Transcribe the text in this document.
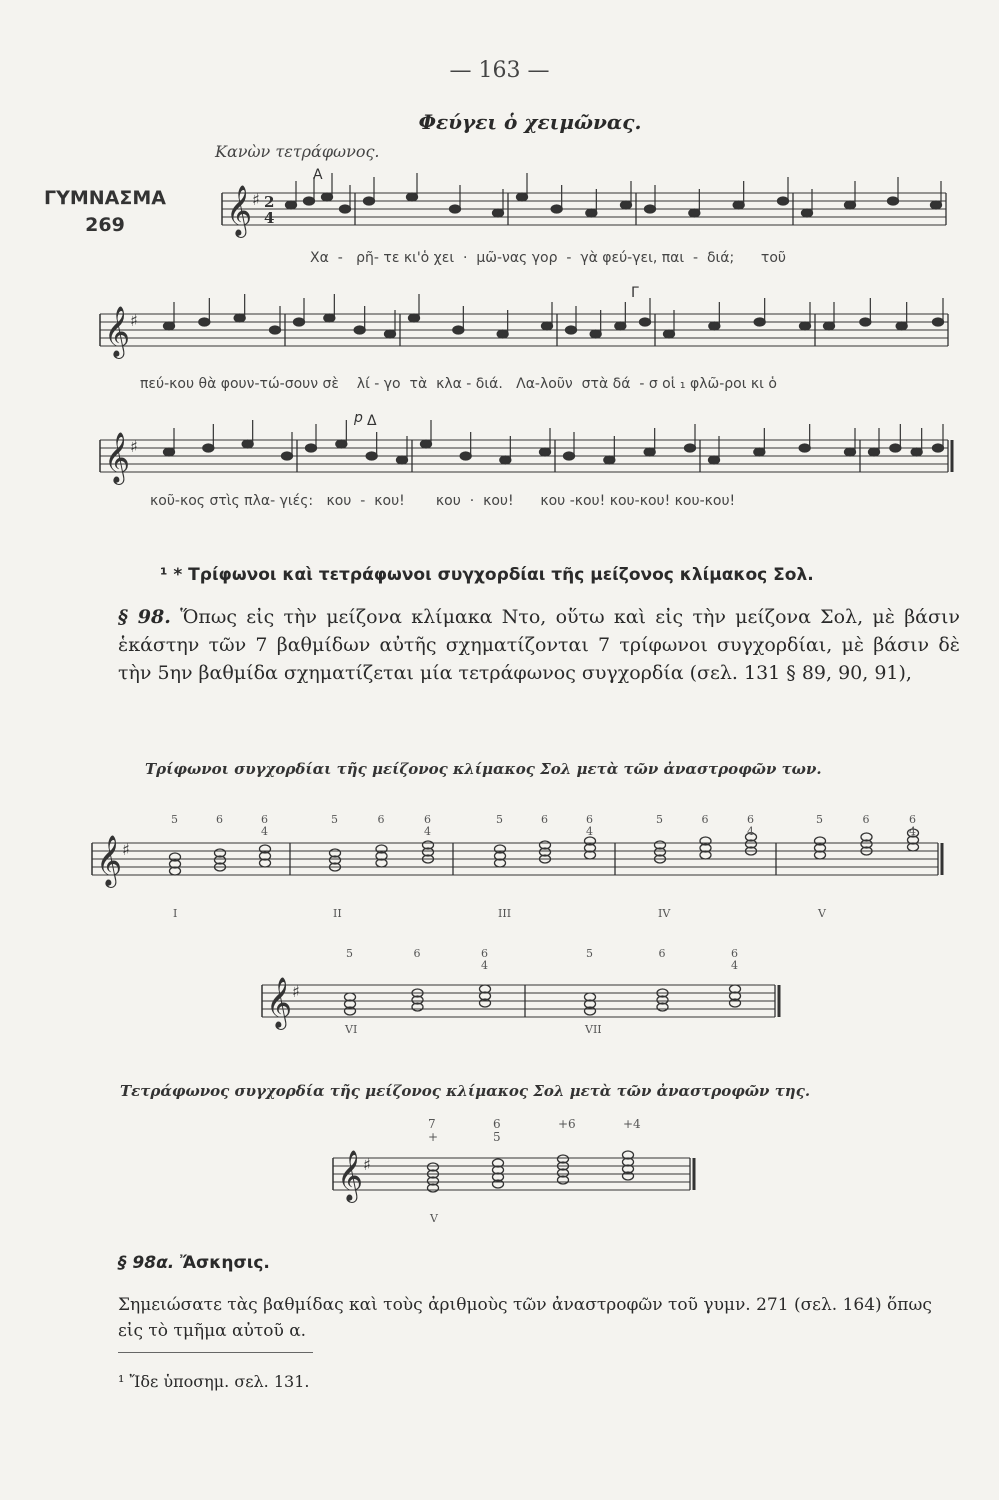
— 163 —
Φεύγει ὁ χειμῶνας.
Κανὼν τετράφωνος.
ΓΥΜΝΑΣΜΑ
269
Α
Γ
p Δ
𝄞 ♯ 2
4
𝄞 ♯
𝄞 ♯
Χα  -   ρῆ- τε κι'ὁ χει  ·  μῶ-νας γορ  -  γὰ φεύ-γει, παι  -  διά;      τοῦ
πεύ-κου θὰ φουν-τώ-σουν σὲ    λί - γο  τὰ  κλα - διά.   Λα-λοῦν  στὰ δά  - σ οἱ ₁ φλῶ-ροι κι ὁ
κοῦ-κος στὶς πλα- γιές:   κου  -  κου!       κου  ·  κου!      κου -κου! κου-κου! κου-κου!
¹ * Τρίφωνοι καὶ τετράφωνοι συγχορδίαι τῆς μείζονος κλίμακος Σολ.
§ 98. Ὅπως εἰς τὴν μείζονα κλίμακα Ντο, οὕτω καὶ εἰς τὴν μείζονα Σολ, μὲ βάσιν ἑκάστην τῶν 7 βαθμίδων αὐτῆς σχηματίζονται 7 τρίφωνοι συγχορδίαι, μὲ βάσιν δὲ τὴν 5ην βαθμίδα σχηματίζεται μία τετράφωνος συγχορδία (σελ. 131 § 89, 90, 91),
Τρίφωνοι συγχορδίαι τῆς μείζονος κλίμακος Σολ μετὰ τῶν ἀναστροφῶν των.
𝄞 ♯
𝄞 ♯
5	6	6
4
I
5	6	6
4
II
5	6	6
4
III
5	6	6
4
IV
5	6	6
4
V
5	6	6
4
VI
5	6	6
4
VII
Τετράφωνος συγχορδία τῆς μείζονος κλίμακος Σολ μετὰ τῶν ἀναστροφῶν της.
𝄞 ♯
7
+
6
5
+6	+4
V
§ 98α. Ἄσκησις.
Σημειώσατε τὰς βαθμίδας καὶ τοὺς ἀριθμοὺς τῶν ἀναστροφῶν τοῦ γυμν. 271 (σελ. 164) ὅπως εἰς τὸ τμῆμα αὐτοῦ α.
¹ Ἴδε ὑποσημ. σελ. 131.
